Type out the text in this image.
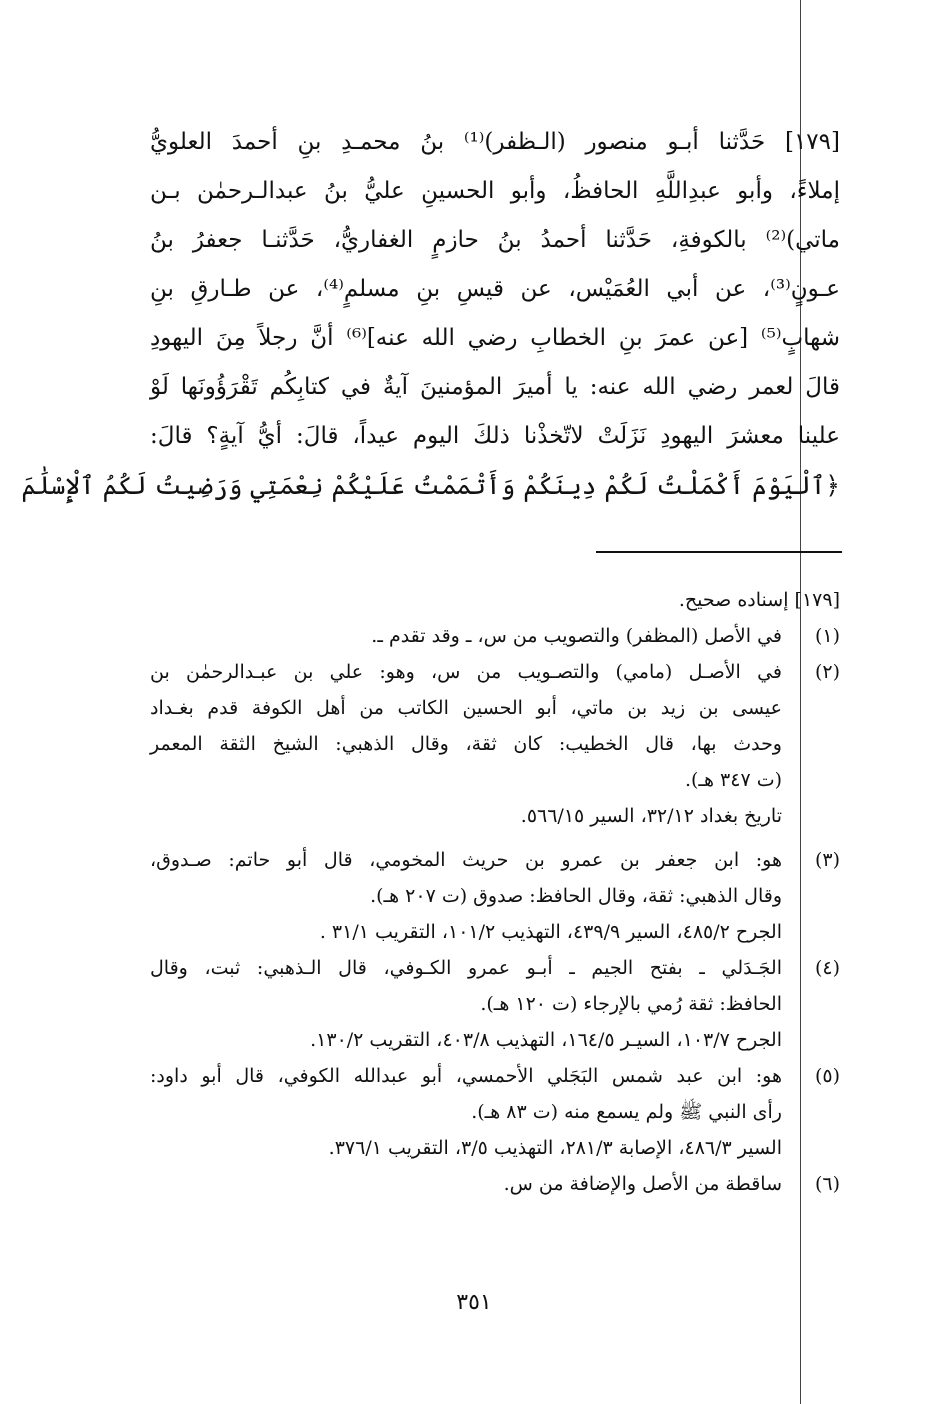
[١٧٩] حَدَّثنا أبـو منصور (الـظفر)⁽¹⁾ بنُ محمـدِ بنِ أحمدَ العلويُّ
إملاءً، وأبو عبدِاللَّهِ الحافظُ، وأبو الحسينِ عليُّ بنُ عبدالـرحمٰن بـن
ماتي)⁽²⁾ بالكوفةِ، حَدَّثنا أحمدُ بنُ حازمٍ الغفاريُّ، حَدَّثنـا جعفرُ بنُ
عـونٍ⁽³⁾، عن أبي العُمَيْس، عن قيسِ بنِ مسلمٍ⁽⁴⁾، عن طـارقِ بنِ
شهابٍ⁽⁵⁾ [عن عمرَ بنِ الخطابِ رضي الله عنه]⁽⁶⁾ أنَّ رجلاً مِنَ اليهودِ
قالَ لعمر رضي الله عنه: يا أميرَ المؤمنينَ آيةٌ في كتابِكُم تَقْرَؤُونَها لَوْ
علينا معشرَ اليهودِ نَزَلَتْ لاتّخذْنا ذلكَ اليوم عيداً، قالَ: أيُّ آيةٍ؟ قالَ:
﴿ٱلْيَوْمَ أَكْمَلْتُ لَكُمْ دِينَكُمْ وَأَتْمَمْتُ عَلَيْكُمْ نِعْمَتِي وَرَضِيتُ لَكُمُ ٱلْإِسْلَٰمَ
[١٧٩] إسناده صحيح.
(١)في الأصل (المظفر) والتصويب من س، ـ وقد تقدم ـ.
(٢)في الأصـل (مامي) والتصـويب من س، وهو: علي بن عبـدالرحمٰن بن
عيسى بن زيد بن ماتي، أبو الحسين الكاتب من أهل الكوفة قدم بغـداد
وحدث بها، قال الخطيب: كان ثقة، وقال الذهبي: الشيخ الثقة المعمر
(ت ٣٤٧ هـ).
تاريخ بغداد ٣٢/١٢، السير ٥٦٦/١٥.
(٣)هو: ابن جعفر بن عمرو بن حريث المخومي، قال أبو حاتم: صـدوق،
وقال الذهبي: ثقة، وقال الحافظ: صدوق (ت ٢٠٧ هـ).
الجرح ٤٨٥/٢، السير ٤٣٩/٩، التهذيب ١٠١/٢، التقريب ٣١/١ .
(٤)الجَـدَلي ـ بفتح الجيم ـ أبـو عمرو الكـوفي، قال الـذهبي: ثبت، وقال
الحافظ: ثقة رُمي بالإرجاء (ت ١٢٠ هـ).
الجرح ١٠٣/٧، السيـر ١٦٤/٥، التهذيب ٤٠٣/٨، التقريب ١٣٠/٢.
(٥)هو: ابن عبد شمس البَجَلي الأحمسي، أبو عبدالله الكوفي، قال أبو داود:
رأى النبي ﷺ ولم يسمع منه (ت ٨٣ هـ).
السير ٤٨٦/٣، الإصابة ٢٨١/٣، التهذيب ٣/٥، التقريب ٣٧٦/١.
(٦)ساقطة من الأصل والإضافة من س.
٣٥١
